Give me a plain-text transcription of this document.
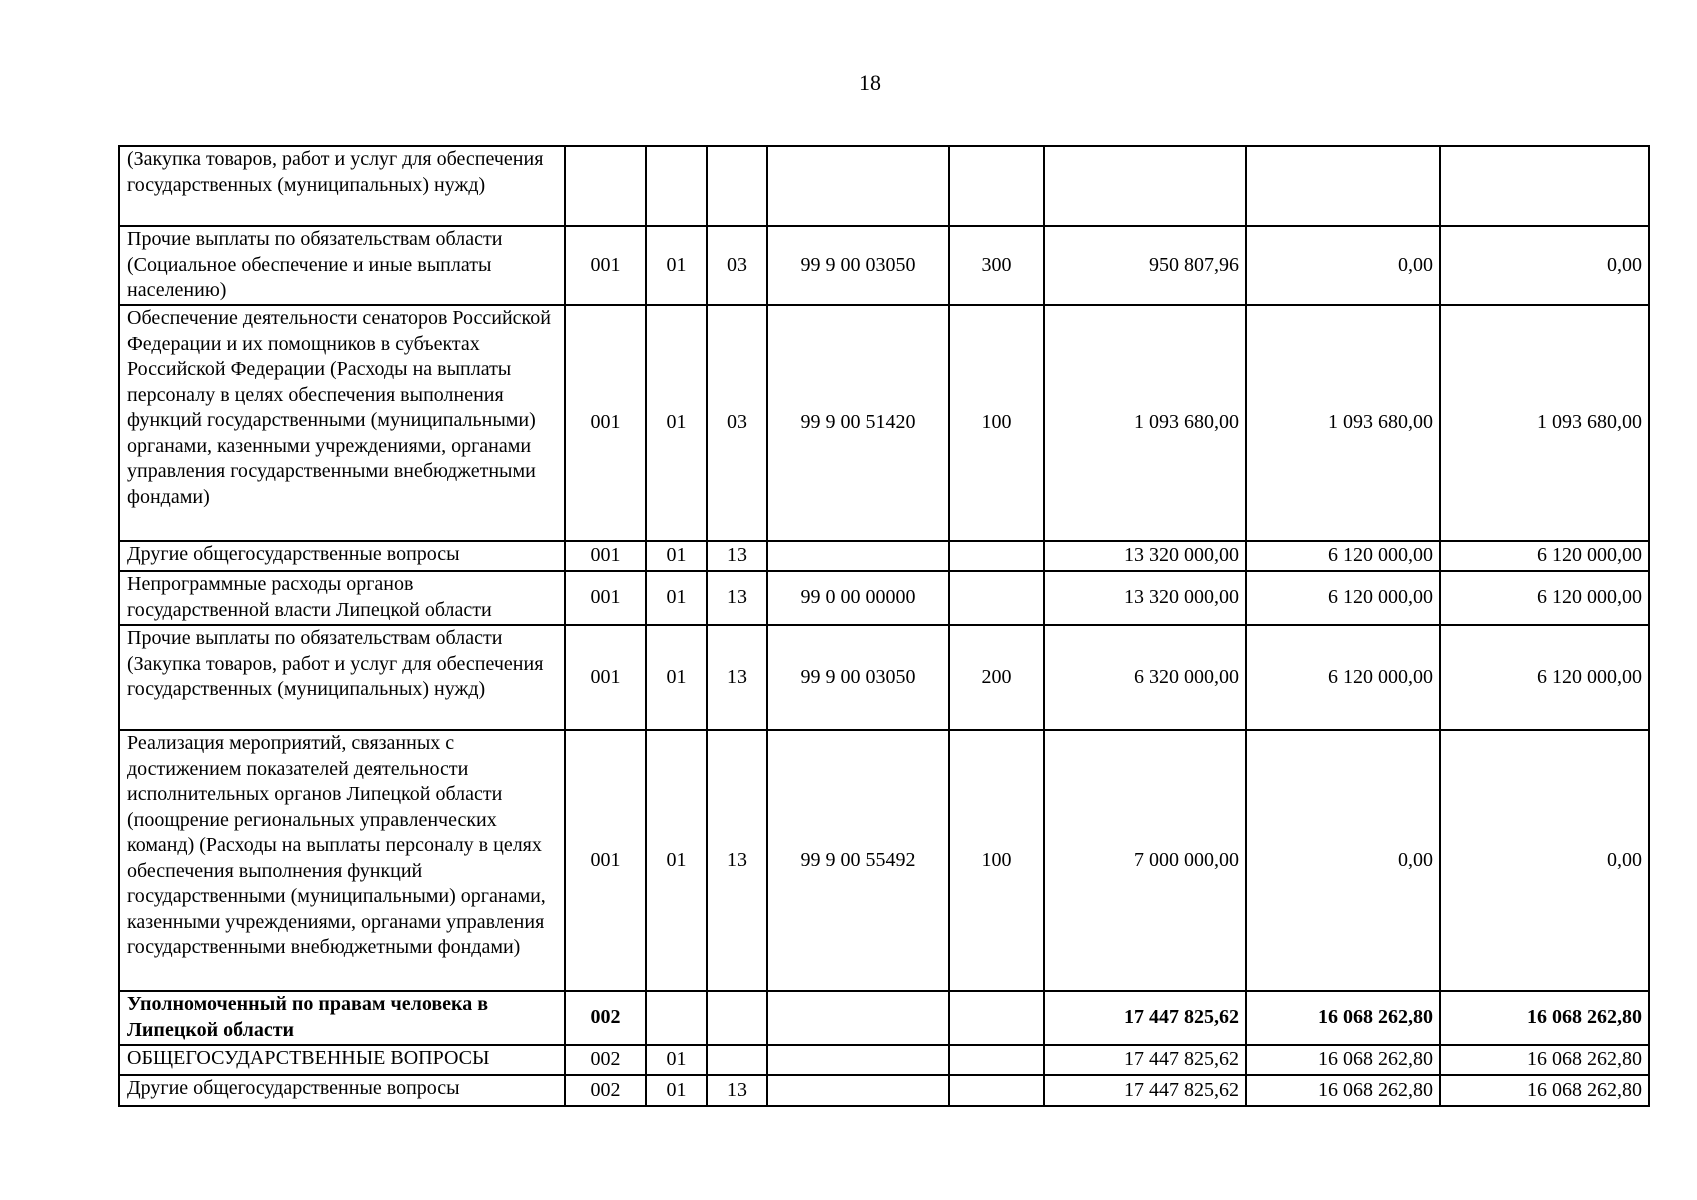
18
(Закупка товаров, работ и услуг для обеспечения государственных (муниципальных) нужд)								
Прочие выплаты по обязательствам области (Социальное обеспечение и иные выплаты населению)	001	01	03	99 9 00 03050	300	950 807,96	0,00	0,00
Обеспечение деятельности сенаторов Российской Федерации и их помощников в субъектах Российской Федерации (Расходы на выплаты персоналу в целях обеспечения выполнения функций государственными (муниципальными) органами, казенными учреждениями, органами управления государственными внебюджетными фондами)	001	01	03	99 9 00 51420	100	1 093 680,00	1 093 680,00	1 093 680,00
Другие общегосударственные вопросы	001	01	13			13 320 000,00	6 120 000,00	6 120 000,00
Непрограммные расходы органов государственной власти Липецкой области	001	01	13	99 0 00 00000		13 320 000,00	6 120 000,00	6 120 000,00
Прочие выплаты по обязательствам области (Закупка товаров, работ и услуг для обеспечения государственных (муниципальных) нужд)	001	01	13	99 9 00 03050	200	6 320 000,00	6 120 000,00	6 120 000,00
Реализация мероприятий, связанных с достижением показателей деятельности исполнительных органов Липецкой области (поощрение региональных управленческих команд) (Расходы на выплаты персоналу в целях обеспечения выполнения функций государственными (муниципальными) органами, казенными учреждениями, органами управления государственными внебюджетными фондами)	001	01	13	99 9 00 55492	100	7 000 000,00	0,00	0,00
Уполномоченный по правам человека в Липецкой области	002					17 447 825,62	16 068 262,80	16 068 262,80
ОБЩЕГОСУДАРСТВЕННЫЕ ВОПРОСЫ	002	01				17 447 825,62	16 068 262,80	16 068 262,80
Другие общегосударственные вопросы	002	01	13			17 447 825,62	16 068 262,80	16 068 262,80
